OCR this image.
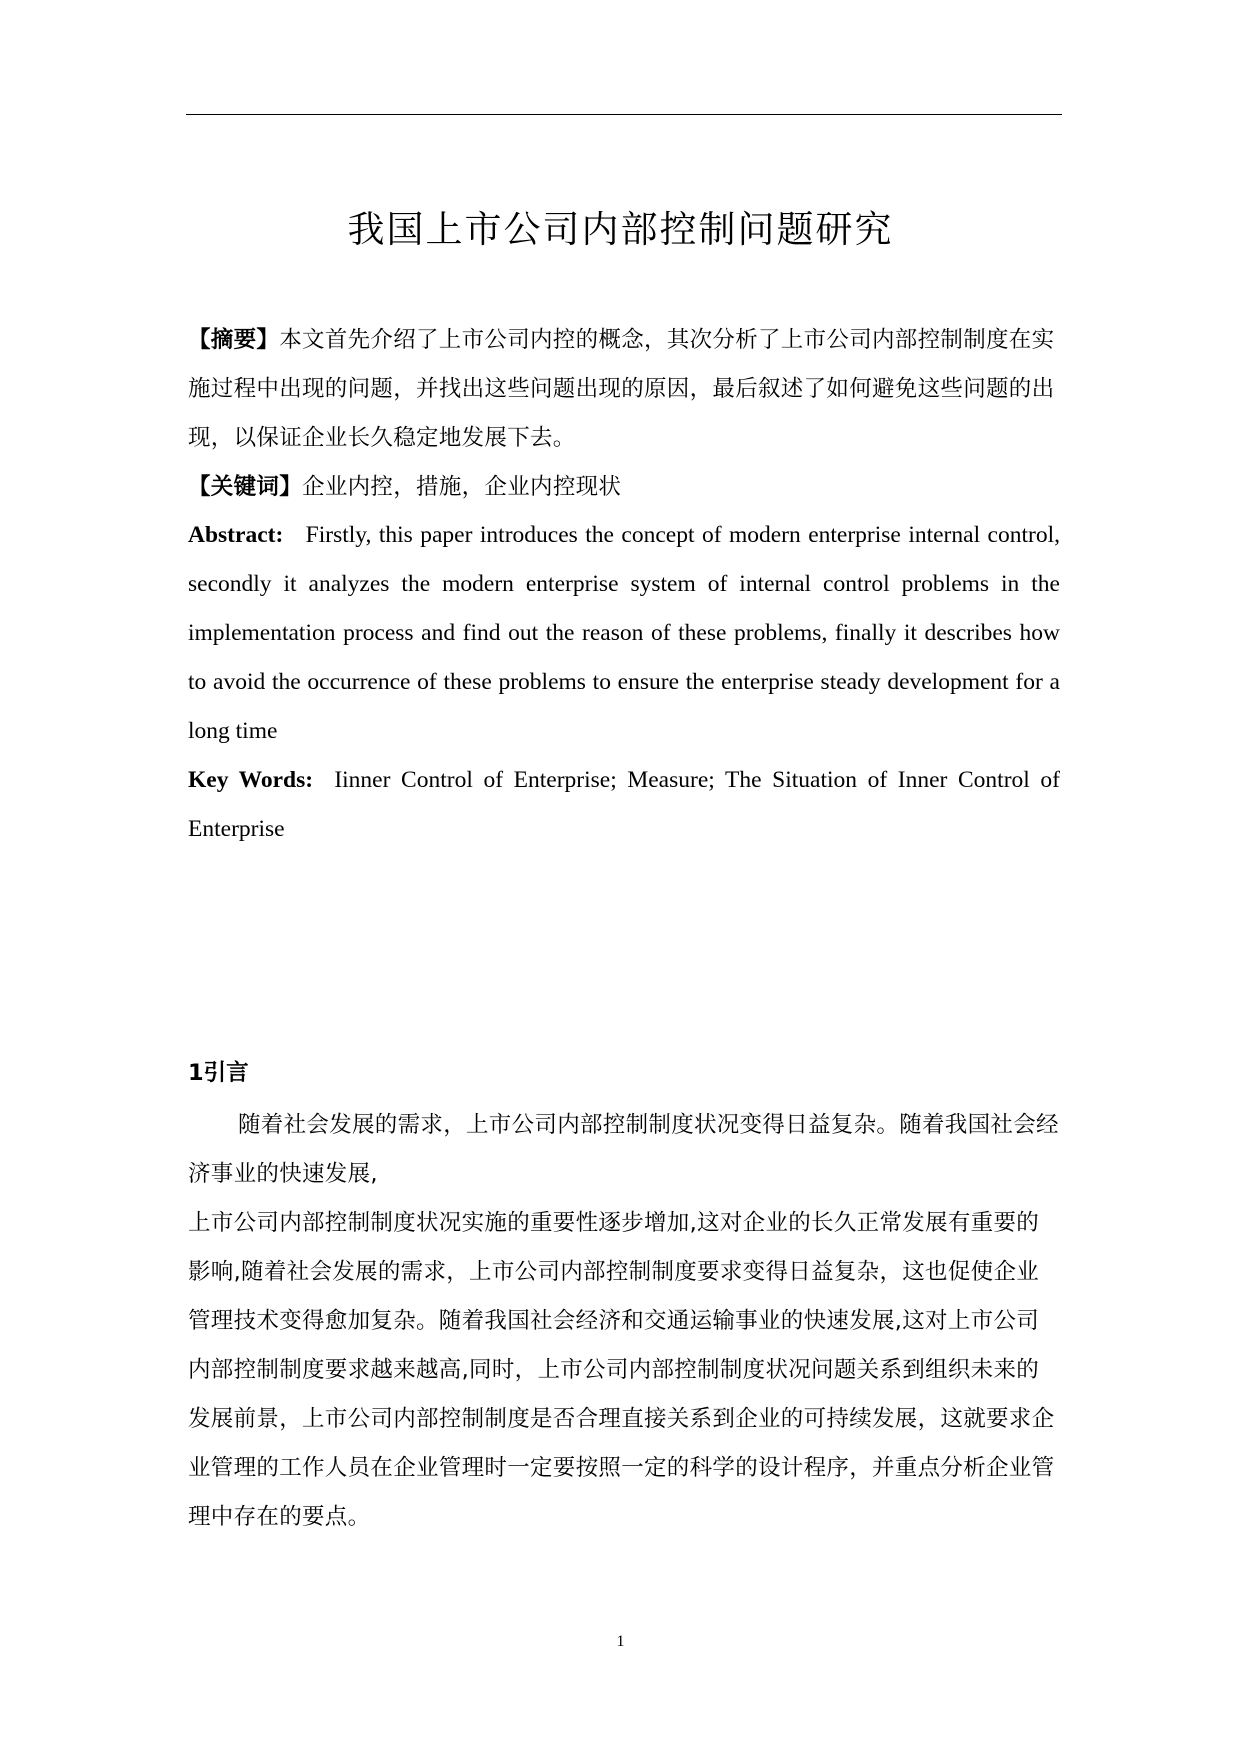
我国上市公司内部控制问题研究

【摘要】本文首先介绍了上市公司内控的概念，其次分析了上市公司内部控制制度在实施过程中出现的问题，并找出这些问题出现的原因，最后叙述了如何避免这些问题的出现，以保证企业长久稳定地发展下去。

【关键词】企业内控，措施，企业内控现状

Abstract: Firstly, this paper introduces the concept of modern enterprise internal control, secondly it analyzes the modern enterprise system of internal control problems in the implementation process and find out the reason of these problems, finally it describes how to avoid the occurrence of these problems to ensure the enterprise steady development for a long time

Key Words: Iinner Control of Enterprise; Measure; The Situation of Inner Control of Enterprise

1引言
随着社会发展的需求，上市公司内部控制制度状况变得日益复杂。随着我国社会经济事业的快速发展,
上市公司内部控制制度状况实施的重要性逐步增加,这对企业的长久正常发展有重要的影响,随着社会发展的需求，上市公司内部控制制度要求变得日益复杂，这也促使企业管理技术变得愈加复杂。随着我国社会经济和交通运输事业的快速发展,这对上市公司内部控制制度要求越来越高,同时，上市公司内部控制制度状况问题关系到组织未来的发展前景，上市公司内部控制制度是否合理直接关系到企业的可持续发展，这就要求企业管理的工作人员在企业管理时一定要按照一定的科学的设计程序，并重点分析企业管理中存在的要点。
1
